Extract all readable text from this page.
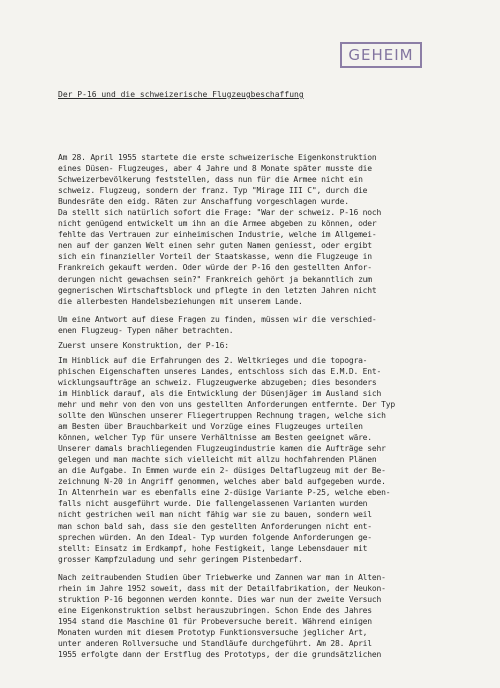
GEHEIM
Der P-16 und die schweizerische Flugzeugbeschaffung
Am 28. April 1955 startete die erste schweizerische Eigenkonstruktion
eines Düsen- Flugzeuges, aber 4 Jahre und 8 Monate später musste die
Schweizerbevölkerung feststellen, dass nun für die Armee nicht ein
schweiz. Flugzeug, sondern der franz. Typ "Mirage III C", durch die
Bundesräte den eidg. Räten zur Anschaffung vorgeschlagen wurde.
Da stellt sich natürlich sofort die Frage: "War der schweiz. P-16 noch
nicht genügend entwickelt um ihn an die Armee abgeben zu können, oder
fehlte das Vertrauen zur einheimischen Industrie, welche im Allgemei-
nen auf der ganzen Welt einen sehr guten Namen geniesst, oder ergibt
sich ein finanzieller Vorteil der Staatskasse, wenn die Flugzeuge in
Frankreich gekauft werden. Oder würde der P-16 den gestellten Anfor-
derungen nicht gewachsen sein?" Frankreich gehört ja bekanntlich zum
gegnerischen Wirtschaftsblock und pflegte in den letzten Jahren nicht
die allerbesten Handelsbeziehungen mit unserem Lande.
Um eine Antwort auf diese Fragen zu finden, müssen wir die verschied-
enen Flugzeug- Typen näher betrachten.
Zuerst unsere Konstruktion, der P-16:
Im Hinblick auf die Erfahrungen des 2. Weltkrieges und die topogra-
phischen Eigenschaften unseres Landes, entschloss sich das E.M.D. Ent-
wicklungsaufträge an schweiz. Flugzeugwerke abzugeben; dies besonders
im Hinblick darauf, als die Entwicklung der Düsenjäger im Ausland sich
mehr und mehr von den von uns gestellten Anforderungen entfernte. Der Typ
sollte den Wünschen unserer Fliegertruppen Rechnung tragen, welche sich
am Besten über Brauchbarkeit und Vorzüge eines Flugzeuges urteilen
können, welcher Typ für unsere Verhältnisse am Besten geeignet wäre.
Unserer damals brachliegenden Flugzeugindustrie kamen die Aufträge sehr
gelegen und man machte sich vielleicht mit allzu hochfahrenden Plänen
an die Aufgabe. In Emmen wurde ein 2- düsiges Deltaflugzeug mit der Be-
zeichnung N-20 in Angriff genommen, welches aber bald aufgegeben wurde.
In Altenrhein war es ebenfalls eine 2-düsige Variante P-25, welche eben-
falls nicht ausgeführt wurde. Die fallengelassenen Varianten wurden
nicht gestrichen weil man nicht fähig war sie zu bauen, sondern weil
man schon bald sah, dass sie den gestellten Anforderungen nicht ent-
sprechen würden. An den Ideal- Typ wurden folgende Anforderungen ge-
stellt: Einsatz im Erdkampf, hohe Festigkeit, lange Lebensdauer mit
grosser Kampfzuladung und sehr geringem Pistenbedarf.
Nach zeitraubenden Studien über Triebwerke und Zannen war man in Alten-
rhein im Jahre 1952 soweit, dass mit der Detailfabrikation, der Neukon-
struktion P-16 begonnen werden konnte. Dies war nun der zweite Versuch
eine Eigenkonstruktion selbst herauszubringen. Schon Ende des Jahres
1954 stand die Maschine 01 für Probeversuche bereit. Während einigen
Monaten wurden mit diesem Prototyp Funktionsversuche jeglicher Art,
unter anderen Rollversuche und Standläufe durchgeführt. Am 28. April
1955 erfolgte dann der Erstflug des Prototyps, der die grundsätzlichen
